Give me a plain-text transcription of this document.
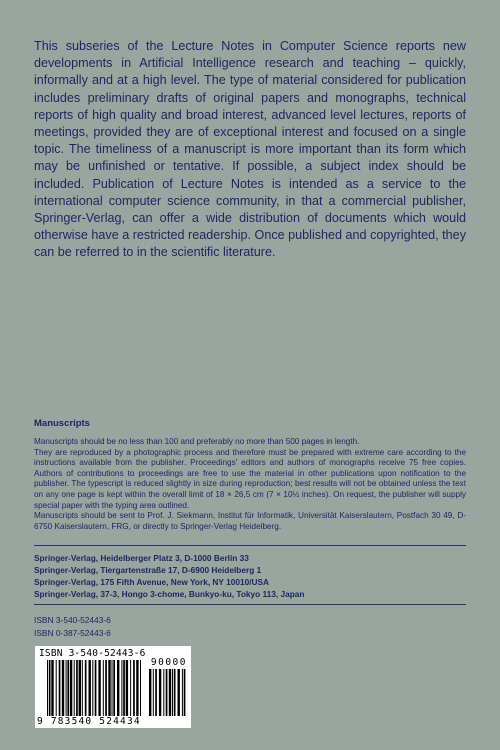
This subseries of the Lecture Notes in Computer Science reports new developments in Artificial Intelligence research and teaching – quickly, informally and at a high level. The type of material considered for publication includes preliminary drafts of original papers and monographs, technical reports of high quality and broad interest, advanced level lectures, reports of meetings, provided they are of exceptional interest and focused on a single topic. The timeliness of a manuscript is more important than its form which may be unfinished or tentative. If possible, a subject index should be included. Publication of Lecture Notes is intended as a service to the international computer science community, in that a commercial publisher, Springer-Verlag, can offer a wide distribution of documents which would otherwise have a restricted readership. Once published and copyrighted, they can be referred to in the scientific literature.

Manuscripts

Manuscripts should be no less than 100 and preferably no more than 500 pages in length.

They are reproduced by a photographic process and therefore must be prepared with extreme care according to the instructions available from the publisher. Proceedings' editors and authors of monographs receive 75 free copies. Authors of contributions to proceedings are free to use the material in other publications upon notification to the publisher. The typescript is reduced slightly in size during reproduction; best results will not be obtained unless the text on any one page is kept within the overall limit of 18 × 26,5 cm (7 × 10½ inches). On request, the publisher will supply special paper with the typing area outlined.

Manuscripts should be sent to Prof. J. Siekmann, Institut für Informatik, Universität Kaiserslautern, Postfach 30 49, D-6750 Kaiserslautern, FRG, or directly to Springer-Verlag Heidelberg.

Springer-Verlag, Heidelberger Platz 3, D-1000 Berlin 33
Springer-Verlag, Tiergartenstraße 17, D-6900 Heidelberg 1
Springer-Verlag, 175 Fifth Avenue, New York, NY 10010/USA
Springer-Verlag, 37-3, Hongo 3-chome, Bunkyo-ku, Tokyo 113, Japan
ISBN 3-540-52443-6
ISBN 0-387-52443-6
ISBN 3-540-52443-6
90000
9 783540 524434
